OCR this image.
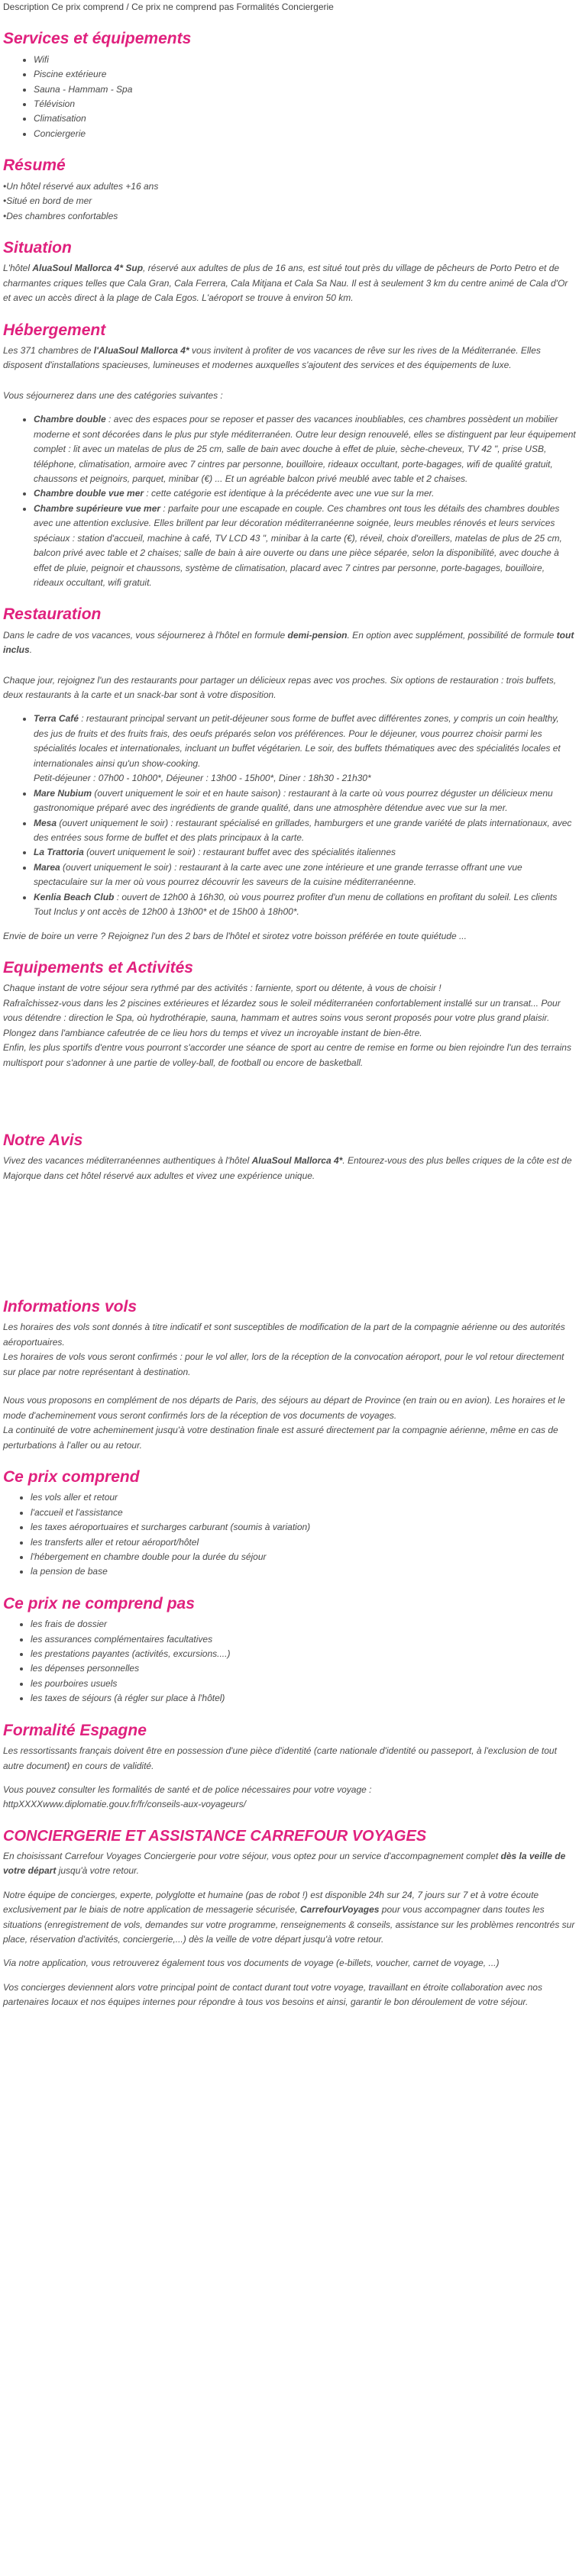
Description Ce prix comprend / Ce prix ne comprend pas Formalités Conciergerie
Services et équipements
• Wifi
• Piscine extérieure
• Sauna - Hammam - Spa
• Télévision
• Climatisation
• Conciergerie
Résumé
•Un hôtel réservé aux adultes +16 ans
•Situé en bord de mer
•Des chambres confortables
Situation

L'hôtel AluaSoul Mallorca 4* Sup, réservé aux adultes de plus de 16 ans, est situé tout près du village de pêcheurs de Porto Petro et de charmantes criques telles que Cala Gran, Cala Ferrera, Cala Mitjana et Cala Sa Nau. Il est à seulement 3 km du centre animé de Cala d'Or et avec un accès direct à la plage de Cala Egos. L'aéroport se trouve à environ 50 km.

Hébergement

Les 371 chambres de l'AluaSoul Mallorca 4* vous invitent à profiter de vos vacances de rêve sur les rives de la Méditerranée. Elles disposent d'installations spacieuses, lumineuses et modernes auxquelles s'ajoutent des services et des équipements de luxe.

Vous séjournerez dans une des catégories suivantes :

• Chambre double : avec des espaces pour se reposer et passer des vacances inoubliables, ces chambres possèdent un mobilier moderne et sont décorées dans le plus pur style méditerranéen. Outre leur design renouvelé, elles se distinguent par leur équipement complet : lit avec un matelas de plus de 25 cm, salle de bain avec douche à effet de pluie, sèche-cheveux, TV 42 ", prise USB, téléphone, climatisation, armoire avec 7 cintres par personne, bouilloire, rideaux occultant, porte-bagages, wifi de qualité gratuit, chaussons et peignoirs, parquet, minibar (€) ... Et un agréable balcon privé meublé avec table et 2 chaises.
• Chambre double vue mer : cette catégorie est identique à la précédente avec une vue sur la mer.
• Chambre supérieure vue mer : parfaite pour une escapade en couple. Ces chambres ont tous les détails des chambres doubles avec une attention exclusive. Elles brillent par leur décoration méditerranéenne soignée, leurs meubles rénovés et leurs services spéciaux : station d'accueil, machine à café, TV LCD 43 ", minibar à la carte (€), réveil, choix d'oreillers, matelas de plus de 25 cm, balcon privé avec table et 2 chaises; salle de bain à aire ouverte ou dans une pièce séparée, selon la disponibilité, avec douche à effet de pluie, peignoir et chaussons, système de climatisation, placard avec 7 cintres par personne, porte-bagages, bouilloire, rideaux occultant, wifi gratuit.
Restauration

Dans le cadre de vos vacances, vous séjournerez à l'hôtel en formule demi-pension. En option avec supplément, possibilité de formule tout inclus.

Chaque jour, rejoignez l'un des restaurants pour partager un délicieux repas avec vos proches. Six options de restauration : trois buffets, deux restaurants à la carte et un snack-bar sont à votre disposition.

• Terra Café : restaurant principal servant un petit-déjeuner sous forme de buffet avec différentes zones, y compris un coin healthy, des jus de fruits et des fruits frais, des oeufs préparés selon vos préférences. Pour le déjeuner, vous pourrez choisir parmi les spécialités locales et internationales, incluant un buffet végétarien. Le soir, des buffets thématiques avec des spécialités locales et internationales ainsi qu'un show-cooking.
Petit-déjeuner : 07h00 - 10h00*, Déjeuner : 13h00 - 15h00*, Diner : 18h30 - 21h30*
• Mare Nubium (ouvert uniquement le soir et en haute saison) : restaurant à la carte où vous pourrez déguster un délicieux menu gastronomique préparé avec des ingrédients de grande qualité, dans une atmosphère détendue avec vue sur la mer.
• Mesa (ouvert uniquement le soir) : restaurant spécialisé en grillades, hamburgers et une grande variété de plats internationaux, avec des entrées sous forme de buffet et des plats principaux à la carte.
• La Trattoria (ouvert uniquement le soir) : restaurant buffet avec des spécialités italiennes
• Marea (ouvert uniquement le soir) : restaurant à la carte avec une zone intérieure et une grande terrasse offrant une vue spectaculaire sur la mer où vous pourrez découvrir les saveurs de la cuisine méditerranéenne.
• Kenlia Beach Club : ouvert de 12h00 à 16h30, où vous pourrez profiter d'un menu de collations en profitant du soleil. Les clients Tout Inclus y ont accès de 12h00 à 13h00* et de 15h00 à 18h00*.

Envie de boire un verre ? Rejoignez l'un des 2 bars de l'hôtel et sirotez votre boisson préférée en toute quiétude ...

Equipements et Activités
Chaque instant de votre séjour sera rythmé par des activités : farniente, sport ou détente, à vous de choisir !
Rafraîchissez-vous dans les 2 piscines extérieures et lézardez sous le soleil méditerranéen confortablement installé sur un transat... Pour vous détendre : direction le Spa, où hydrothérapie, sauna, hammam et autres soins vous seront proposés pour votre plus grand plaisir. Plongez dans l'ambiance cafeutrée de ce lieu hors du temps et vivez un incroyable instant de bien-être.
Enfin, les plus sportifs d'entre vous pourront s'accorder une séance de sport au centre de remise en forme ou bien rejoindre l'un des terrains multisport pour s'adonner à une partie de volley-ball, de football ou encore de basketball.
Notre Avis

Vivez des vacances méditerranéennes authentiques à l'hôtel AluaSoul Mallorca 4*. Entourez-vous des plus belles criques de la côte est de Majorque dans cet hôtel réservé aux adultes et vivez une expérience unique.

Informations vols
Les horaires des vols sont donnés à titre indicatif et sont susceptibles de modification de la part de la compagnie aérienne ou des autorités aéroportuaires.
Les horaires de vols vous seront confirmés : pour le vol aller, lors de la réception de la convocation aéroport, pour le vol retour directement sur place par notre représentant à destination.
Nous vous proposons en complément de nos départs de Paris, des séjours au départ de Province (en train ou en avion). Les horaires et le mode d'acheminement vous seront confirmés lors de la réception de vos documents de voyages.
La continuité de votre acheminement jusqu'à votre destination finale est assuré directement par la compagnie aérienne, même en cas de perturbations à l'aller ou au retour.
Ce prix comprend
• les vols aller et retour
• l'accueil et l'assistance
• les taxes aéroportuaires et surcharges carburant (soumis à variation)
• les transferts aller et retour aéroport/hôtel
• l'hébergement en chambre double pour la durée du séjour
• la pension de base
Ce prix ne comprend pas
• les frais de dossier
• les assurances complémentaires facultatives
• les prestations payantes (activités, excursions....)
• les dépenses personnelles
• les pourboires usuels
• les taxes de séjours (à régler sur place à l'hôtel)
Formalité Espagne

Les ressortissants français doivent être en possession d'une pièce d'identité (carte nationale d'identité ou passeport, à l'exclusion de tout autre document) en cours de validité.

Vous pouvez consulter les formalités de santé et de police nécessaires pour votre voyage :
httpXXXXwww.diplomatie.gouv.fr/fr/conseils-aux-voyageurs/
CONCIERGERIE ET ASSISTANCE CARREFOUR VOYAGES

En choisissant Carrefour Voyages Conciergerie pour votre séjour, vous optez pour un service d'accompagnement complet dès la veille de votre départ jusqu'à votre retour.

Notre équipe de concierges, experte, polyglotte et humaine (pas de robot !) est disponible 24h sur 24, 7 jours sur 7 et à votre écoute exclusivement par le biais de notre application de messagerie sécurisée, CarrefourVoyages pour vous accompagner dans toutes les situations (enregistrement de vols, demandes sur votre programme, renseignements & conseils, assistance sur les problèmes rencontrés sur place, réservation d'activités, conciergerie,...) dès la veille de votre départ jusqu'à votre retour.

Via notre application, vous retrouverez également tous vos documents de voyage (e-billets, voucher, carnet de voyage, ...)

Vos concierges deviennent alors votre principal point de contact durant tout votre voyage, travaillant en étroite collaboration avec nos partenaires locaux et nos équipes internes pour répondre à tous vos besoins et ainsi, garantir le bon déroulement de votre séjour.
